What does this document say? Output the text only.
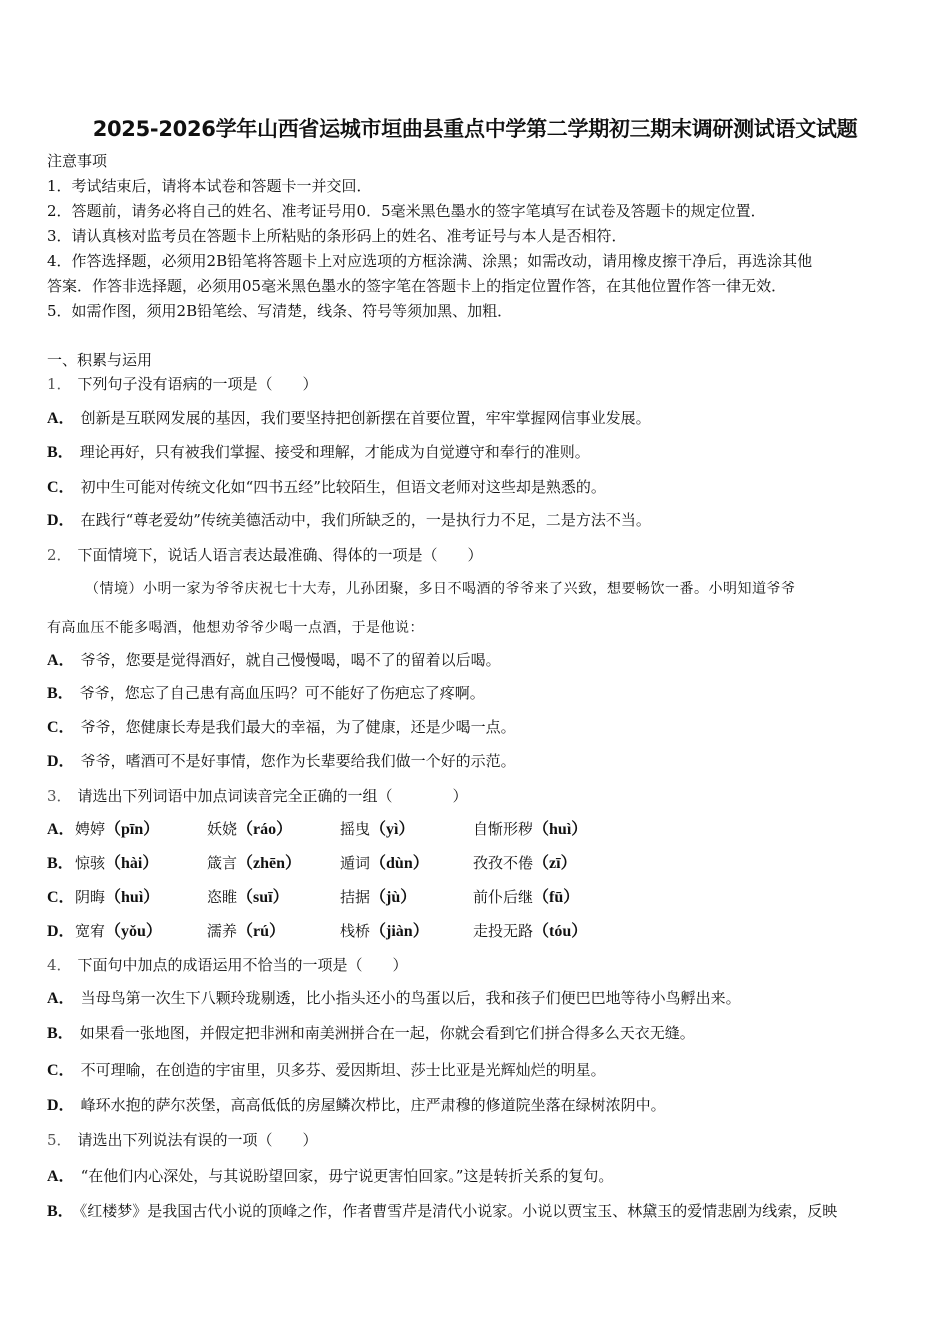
2025-2026学年山西省运城市垣曲县重点中学第二学期初三期末调研测试语文试题
注意事项
1．考试结束后，请将本试卷和答题卡一并交回．
2．答题前，请务必将自己的姓名、准考证号用0．5毫米黑色墨水的签字笔填写在试卷及答题卡的规定位置．
3．请认真核对监考员在答题卡上所粘贴的条形码上的姓名、准考证号与本人是否相符．
4．作答选择题，必须用2B铅笔将答题卡上对应选项的方框涂满、涂黑；如需改动，请用橡皮擦干净后，再选涂其他
答案．作答非选择题，必须用05毫米黑色墨水的签字笔在答题卡上的指定位置作答，在其他位置作答一律无效．
5．如需作图，须用2B铅笔绘、写清楚，线条、符号等须加黑、加粗．
一、积累与运用
1． 下列句子没有语病的一项是（　　）
A． 创新是互联网发展的基因，我们要坚持把创新摆在首要位置，牢牢掌握网信事业发展。
B． 理论再好，只有被我们掌握、接受和理解，才能成为自觉遵守和奉行的准则。
C． 初中生可能对传统文化如“四书五经”比较陌生，但语文老师对这些却是熟悉的。
D． 在践行“尊老爱幼”传统美德活动中，我们所缺乏的，一是执行力不足，二是方法不当。
2． 下面情境下，说话人语言表达最准确、得体的一项是（　　）
（情境）小明一家为爷爷庆祝七十大寿，儿孙团聚，多日不喝酒的爷爷来了兴致，想要畅饮一番。小明知道爷爷
有高血压不能多喝酒，他想劝爷爷少喝一点酒，于是他说：
A． 爷爷，您要是觉得酒好，就自己慢慢喝，喝不了的留着以后喝。
B． 爷爷，您忘了自己患有高血压吗？可不能好了伤疤忘了疼啊。
C． 爷爷，您健康长寿是我们最大的幸福，为了健康，还是少喝一点。
D． 爷爷，嗜酒可不是好事情，您作为长辈要给我们做一个好的示范。
3． 请选出下列词语中加点词读音完全正确的一组（　　　　）
A． 娉婷（pīn）	妖娆（ráo）	摇曳（yì）	自惭形秽（huì）
B． 惊骇（hài）	箴言（zhēn）	遁词（dùn）	孜孜不倦（zī）
C． 阴晦（huì）	恣睢（suī）	拮据（jù）	前仆后继（fū）
D． 宽宥（yǒu）	濡养（rú）	栈桥（jiàn）	走投无路（tóu）
4． 下面句中加点的成语运用不恰当的一项是（　　）
A． 当母鸟第一次生下八颗玲珑剔透，比小指头还小的鸟蛋以后，我和孩子们便巴巴地等待小鸟孵出来。
B． 如果看一张地图，并假定把非洲和南美洲拼合在一起，你就会看到它们拼合得多么天衣无缝。
C． 不可理喻，在创造的宇宙里，贝多芬、爱因斯坦、莎士比亚是光辉灿烂的明星。
D． 峰环水抱的萨尔茨堡，高高低低的房屋鳞次栉比，庄严肃穆的修道院坐落在绿树浓阴中。
5． 请选出下列说法有误的一项（　　）
A． “在他们内心深处，与其说盼望回家，毋宁说更害怕回家。”这是转折关系的复句。
B． 《红楼梦》是我国古代小说的顶峰之作，作者曹雪芹是清代小说家。小说以贾宝玉、林黛玉的爱情悲剧为线索，反映
